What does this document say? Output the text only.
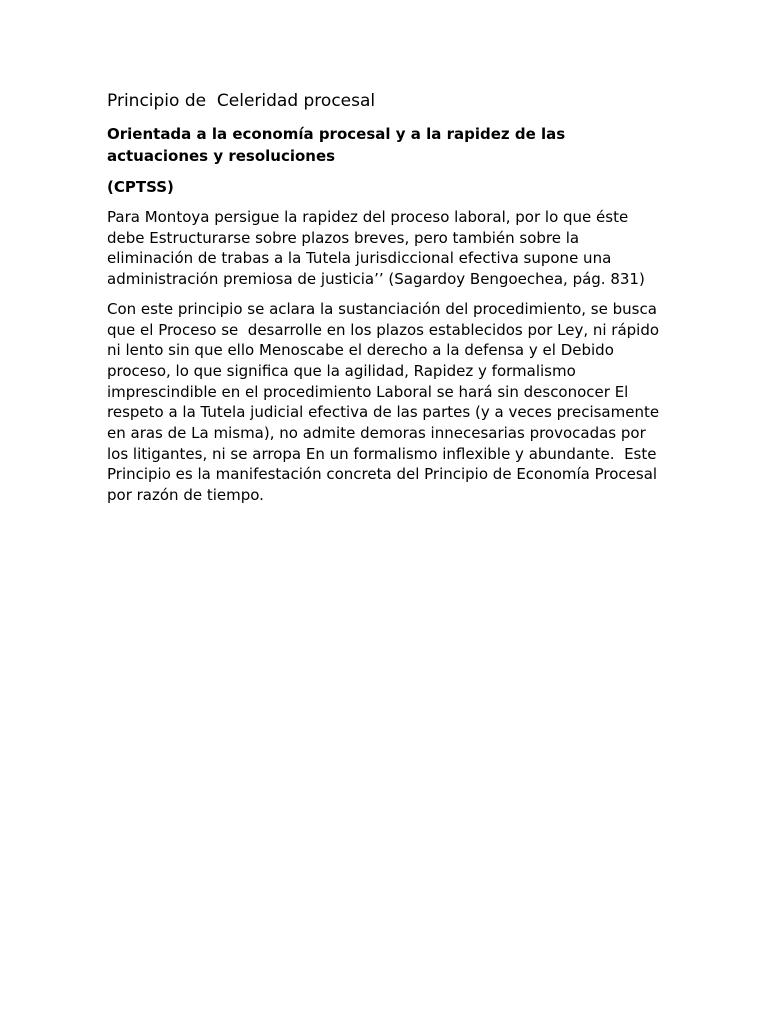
Principio de  Celeridad procesal
Orientada a la economía procesal y a la rapidez de las actuaciones y resoluciones
(CPTSS)

Para Montoya persigue la rapidez del proceso laboral, por lo que éste debe Estructurarse sobre plazos breves, pero también sobre la eliminación de trabas a la Tutela jurisdiccional efectiva supone una administración premiosa de justicia’’ (Sagardoy Bengoechea, pág. 831)

Con este principio se aclara la sustanciación del procedimiento, se busca que el Proceso se  desarrolle en los plazos establecidos por Ley, ni rápido ni lento sin que ello Menoscabe el derecho a la defensa y el Debido proceso, lo que significa que la agilidad, Rapidez y formalismo imprescindible en el procedimiento Laboral se hará sin desconocer El respeto a la Tutela judicial efectiva de las partes (y a veces precisamente en aras de La misma), no admite demoras innecesarias provocadas por los litigantes, ni se arropa En un formalismo inflexible y abundante.  Este Principio es la manifestación concreta del Principio de Economía Procesal por razón de tiempo.
